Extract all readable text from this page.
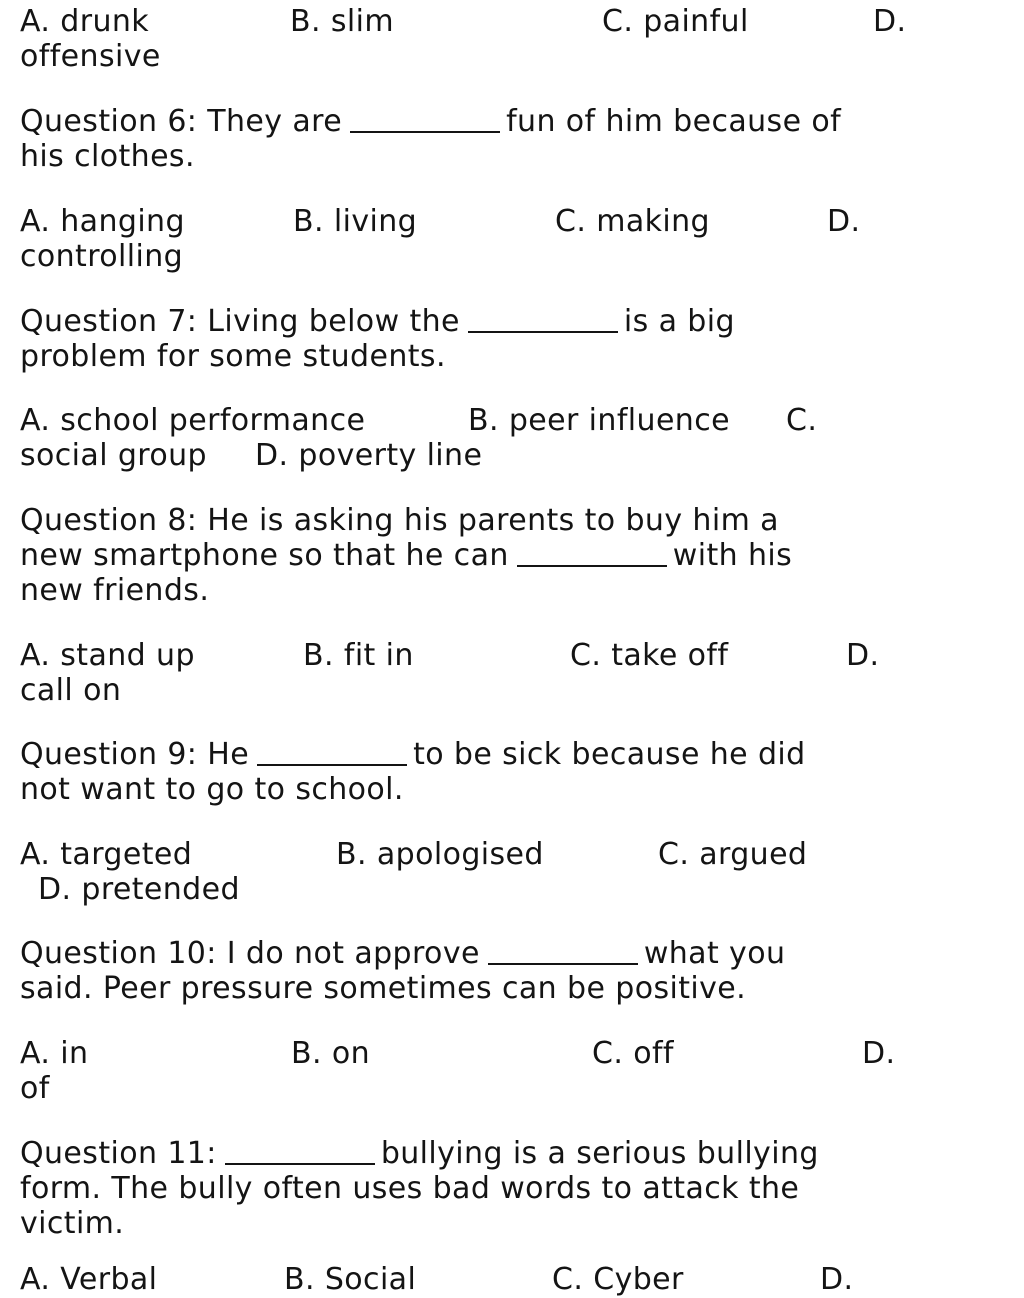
A. drunk	B. slim	C. painful	D.
offensive
Question 6: They are	fun of him because of
his clothes.
A. hanging	B. living	C. making	D.
controlling
Question 7: Living below the	is a big
problem for some students.
A. school performance	B. peer influence C.
social group D. poverty line
Question 8: He is asking his parents to buy him a
new smartphone so that he can	with his
new friends.
A. stand up	B. fit in	C. take off	D.
call on
Question 9: He	to be sick because he did
not want to go to school.
A. targeted	B. apologised	C. argued
D. pretended
Question 10: I do not approve	what you
said. Peer pressure sometimes can be positive.
A. in	B. on	C. off	D.
of
Question 11:	bullying is a serious bullying
form. The bully often uses bad words to attack the
victim.
A. Verbal	B. Social	C. Cyber	D.
